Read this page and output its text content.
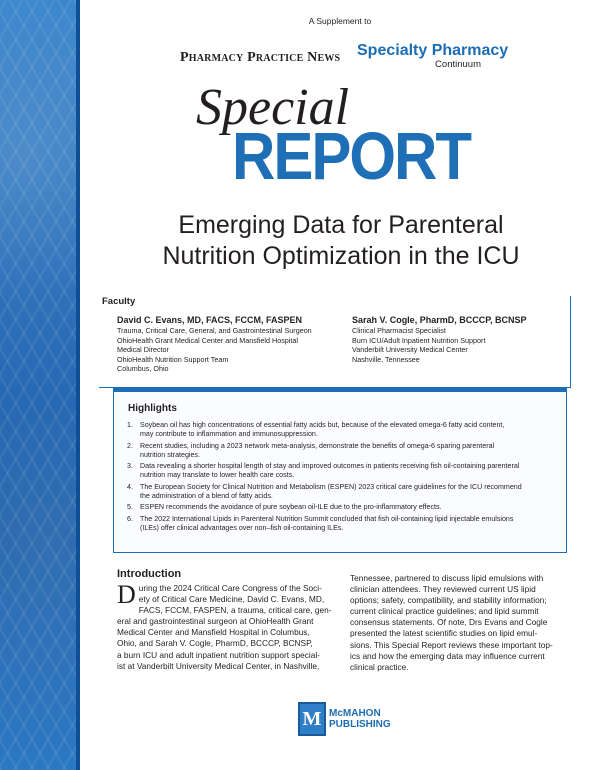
A Supplement to
Pharmacy Practice News Specialty Pharmacy
Continuum
Special
REPORT
Emerging Data for Parenteral
Nutrition Optimization in the ICU
Faculty
David C. Evans, MD, FACS, FCCM, FASPEN
Trauma, Critical Care, General, and Gastrointestinal Surgeon
OhioHealth Grant Medical Center and Mansfield Hospital
Medical Director
OhioHealth Nutrition Support Team
Columbus, Ohio
Sarah V. Cogle, PharmD, BCCCP, BCNSP
Clinical Pharmacist Specialist
Burn ICU/Adult Inpatient Nutrition Support
Vanderbilt University Medical Center
Nashville, Tennessee
Highlights
1. Soybean oil has high concentrations of essential fatty acids but, because of the elevated omega-6 fatty acid content,
may contribute to inflammation and immunosuppression.
2. Recent studies, including a 2023 network meta-analysis, demonstrate the benefits of omega-6 sparing parenteral
nutrition strategies.
3. Data revealing a shorter hospital length of stay and improved outcomes in patients receiving fish oil-containing parenteral
nutrition may translate to lower health care costs.
4. The European Society for Clinical Nutrition and Metabolism (ESPEN) 2023 critical care guidelines for the ICU recommend
the administration of a blend of fatty acids.
5. ESPEN recommends the avoidance of pure soybean oil-ILE due to the pro-inflammatory effects.
6. The 2022 International Lipids in Parenteral Nutrition Summit concluded that fish oil-containing lipid injectable emulsions
(ILEs) offer clinical advantages over non–fish oil-containing ILEs.
Introduction
D uring the 2024 Critical Care Congress of the Soci-
ety of Critical Care Medicine, David C. Evans, MD,
FACS, FCCM, FASPEN, a trauma, critical care, gen-
eral and gastrointestinal surgeon at OhioHealth Grant
Medical Center and Mansfield Hospital in Columbus,
Ohio, and Sarah V. Cogle, PharmD, BCCCP, BCNSP,
a burn ICU and adult inpatient nutrition support special-
ist at Vanderbilt University Medical Center, in Nashville,
Tennessee, partnered to discuss lipid emulsions with
clinician attendees. They reviewed current US lipid
options; safety, compatibility, and stability information;
current clinical practice guidelines; and lipid summit
consensus statements. Of note, Drs Evans and Cogle
presented the latest scientific studies on lipid emul-
sions. This Special Report reviews these important top-
ics and how the emerging data may influence current
clinical practice.
M McMAHON
PUBLISHING
